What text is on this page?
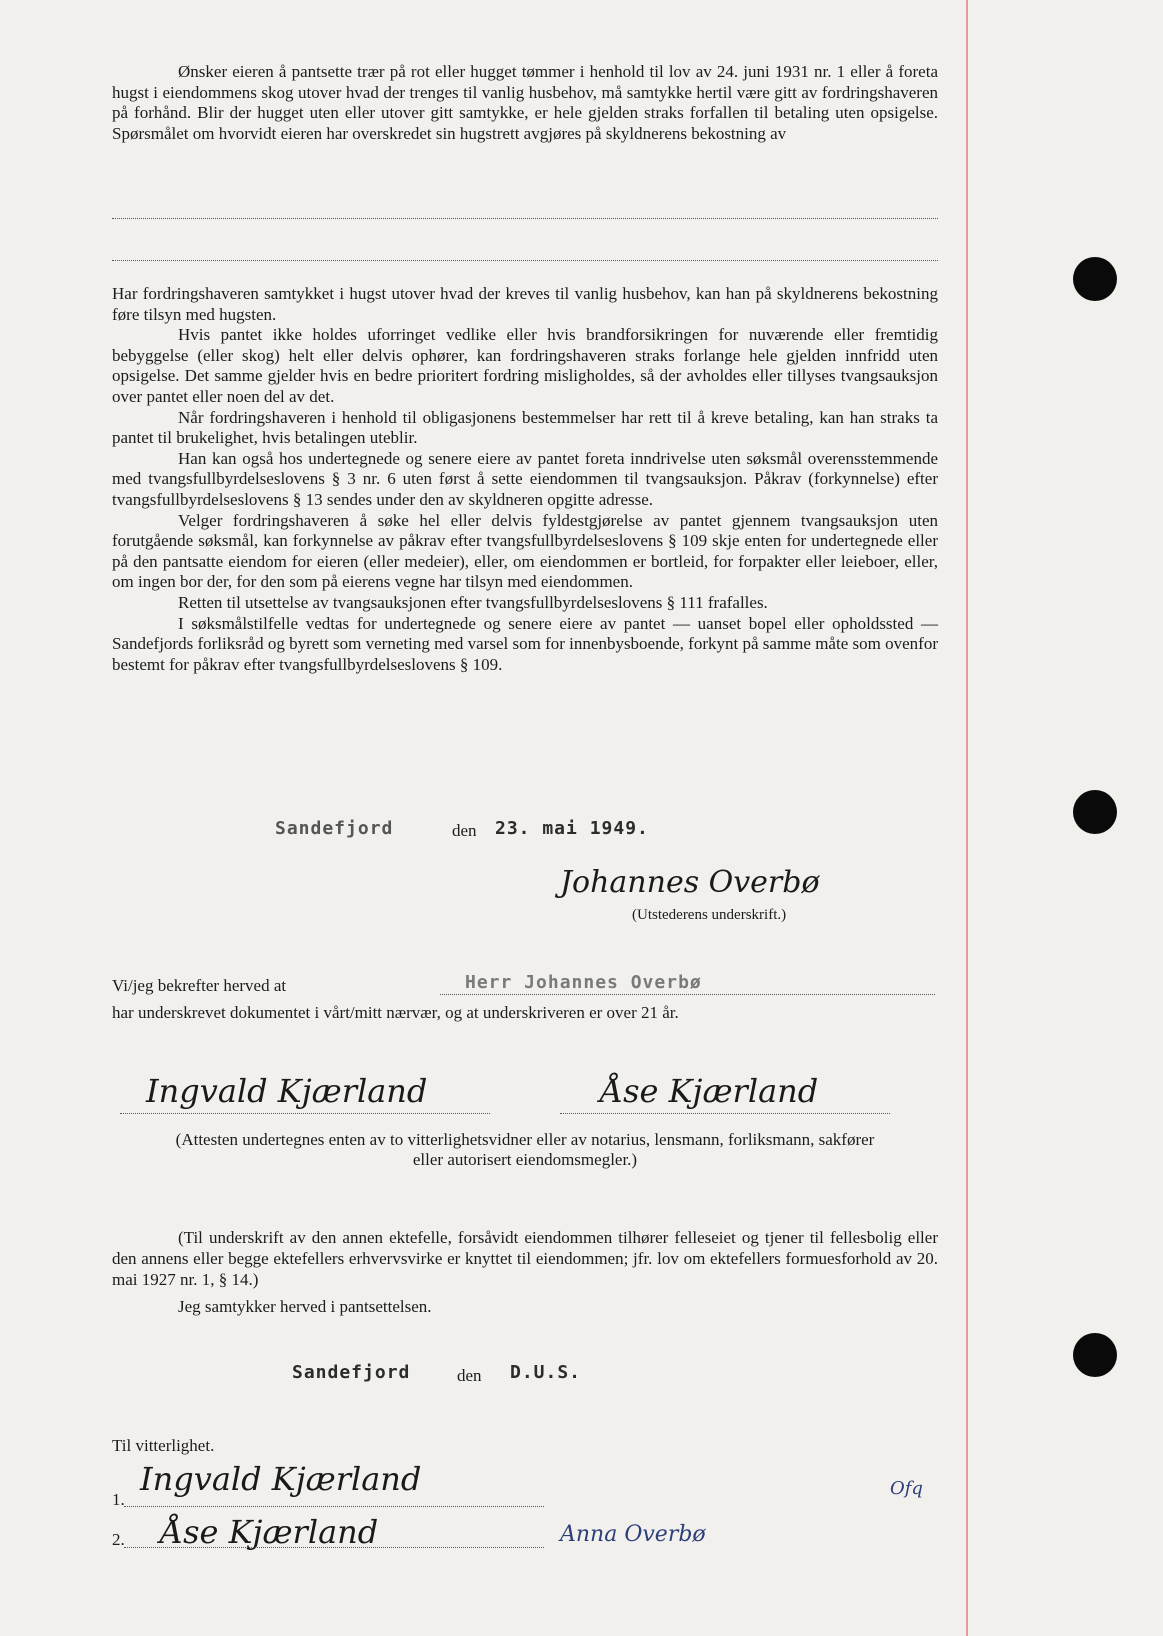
Ønsker eieren å pantsette trær på rot eller hugget tømmer i henhold til lov av 24. juni 1931 nr. 1 eller å foreta hugst i eiendommens skog utover hvad der trenges til vanlig husbehov, må samtykke hertil være gitt av fordringshaveren på forhånd. Blir der hugget uten eller utover gitt samtykke, er hele gjelden straks forfallen til betaling uten opsigelse. Spørsmålet om hvorvidt eieren har overskredet sin hugstrett avgjøres på skyldnerens bekostning av

Har fordringshaveren samtykket i hugst utover hvad der kreves til vanlig husbehov, kan han på skyldnerens bekostning føre tilsyn med hugsten.

Hvis pantet ikke holdes uforringet vedlike eller hvis brandforsikringen for nuværende eller fremtidig bebyggelse (eller skog) helt eller delvis ophører, kan fordringshaveren straks forlange hele gjelden innfridd uten opsigelse. Det samme gjelder hvis en bedre prioritert fordring misligholdes, så der avholdes eller tillyses tvangsauksjon over pantet eller noen del av det.

Når fordringshaveren i henhold til obligasjonens bestemmelser har rett til å kreve betaling, kan han straks ta pantet til brukelighet, hvis betalingen uteblir.

Han kan også hos undertegnede og senere eiere av pantet foreta inndrivelse uten søksmål overensstemmende med tvangsfullbyrdelseslovens § 3 nr. 6 uten først å sette eiendommen til tvangsauksjon. Påkrav (forkynnelse) efter tvangsfullbyrdelseslovens § 13 sendes under den av skyldneren opgitte adresse.

Velger fordringshaveren å søke hel eller delvis fyldestgjørelse av pantet gjennem tvangsauksjon uten forutgående søksmål, kan forkynnelse av påkrav efter tvangsfullbyrdelseslovens § 109 skje enten for undertegnede eller på den pantsatte eiendom for eieren (eller medeier), eller, om eiendommen er bortleid, for forpakter eller leieboer, eller, om ingen bor der, for den som på eierens vegne har tilsyn med eiendommen.

Retten til utsettelse av tvangsauksjonen efter tvangsfullbyrdelseslovens § 111 frafalles.

I søksmålstilfelle vedtas for undertegnede og senere eiere av pantet — uanset bopel eller opholdssted — Sandefjords forliksråd og byrett som verneting med varsel som for innenbysboende, forkynt på samme måte som ovenfor bestemt for påkrav efter tvangsfullbyrdelseslovens § 109.

Sandefjord	den 23. mai 1949.
Johannes Overbø
(Utstederens underskrift.)
Vi/jeg bekrefter herved at	Herr Johannes Overbø
har underskrevet dokumentet i vårt/mitt nærvær, og at underskriveren er over 21 år.
Ingvald Kjærland	Åse Kjærland
(Attesten undertegnes enten av to vitterlighetsvidner eller av notarius, lensmann, forliksmann, sakfører
eller autorisert eiendomsmegler.)
(Til underskrift av den annen ektefelle, forsåvidt eiendommen tilhører felleseiet og tjener til fellesbolig eller den annens eller begge ektefellers erhvervsvirke er knyttet til eiendommen; jfr. lov om ektefellers formuesforhold av 20. mai 1927 nr. 1, § 14.)
Jeg samtykker herved i pantsettelsen.
Sandefjord	den D.U.S.
Til vitterlighet.
1.
2.
Ingvald Kjærland
Åse Kjærland	Anna Overbø
Ofq
